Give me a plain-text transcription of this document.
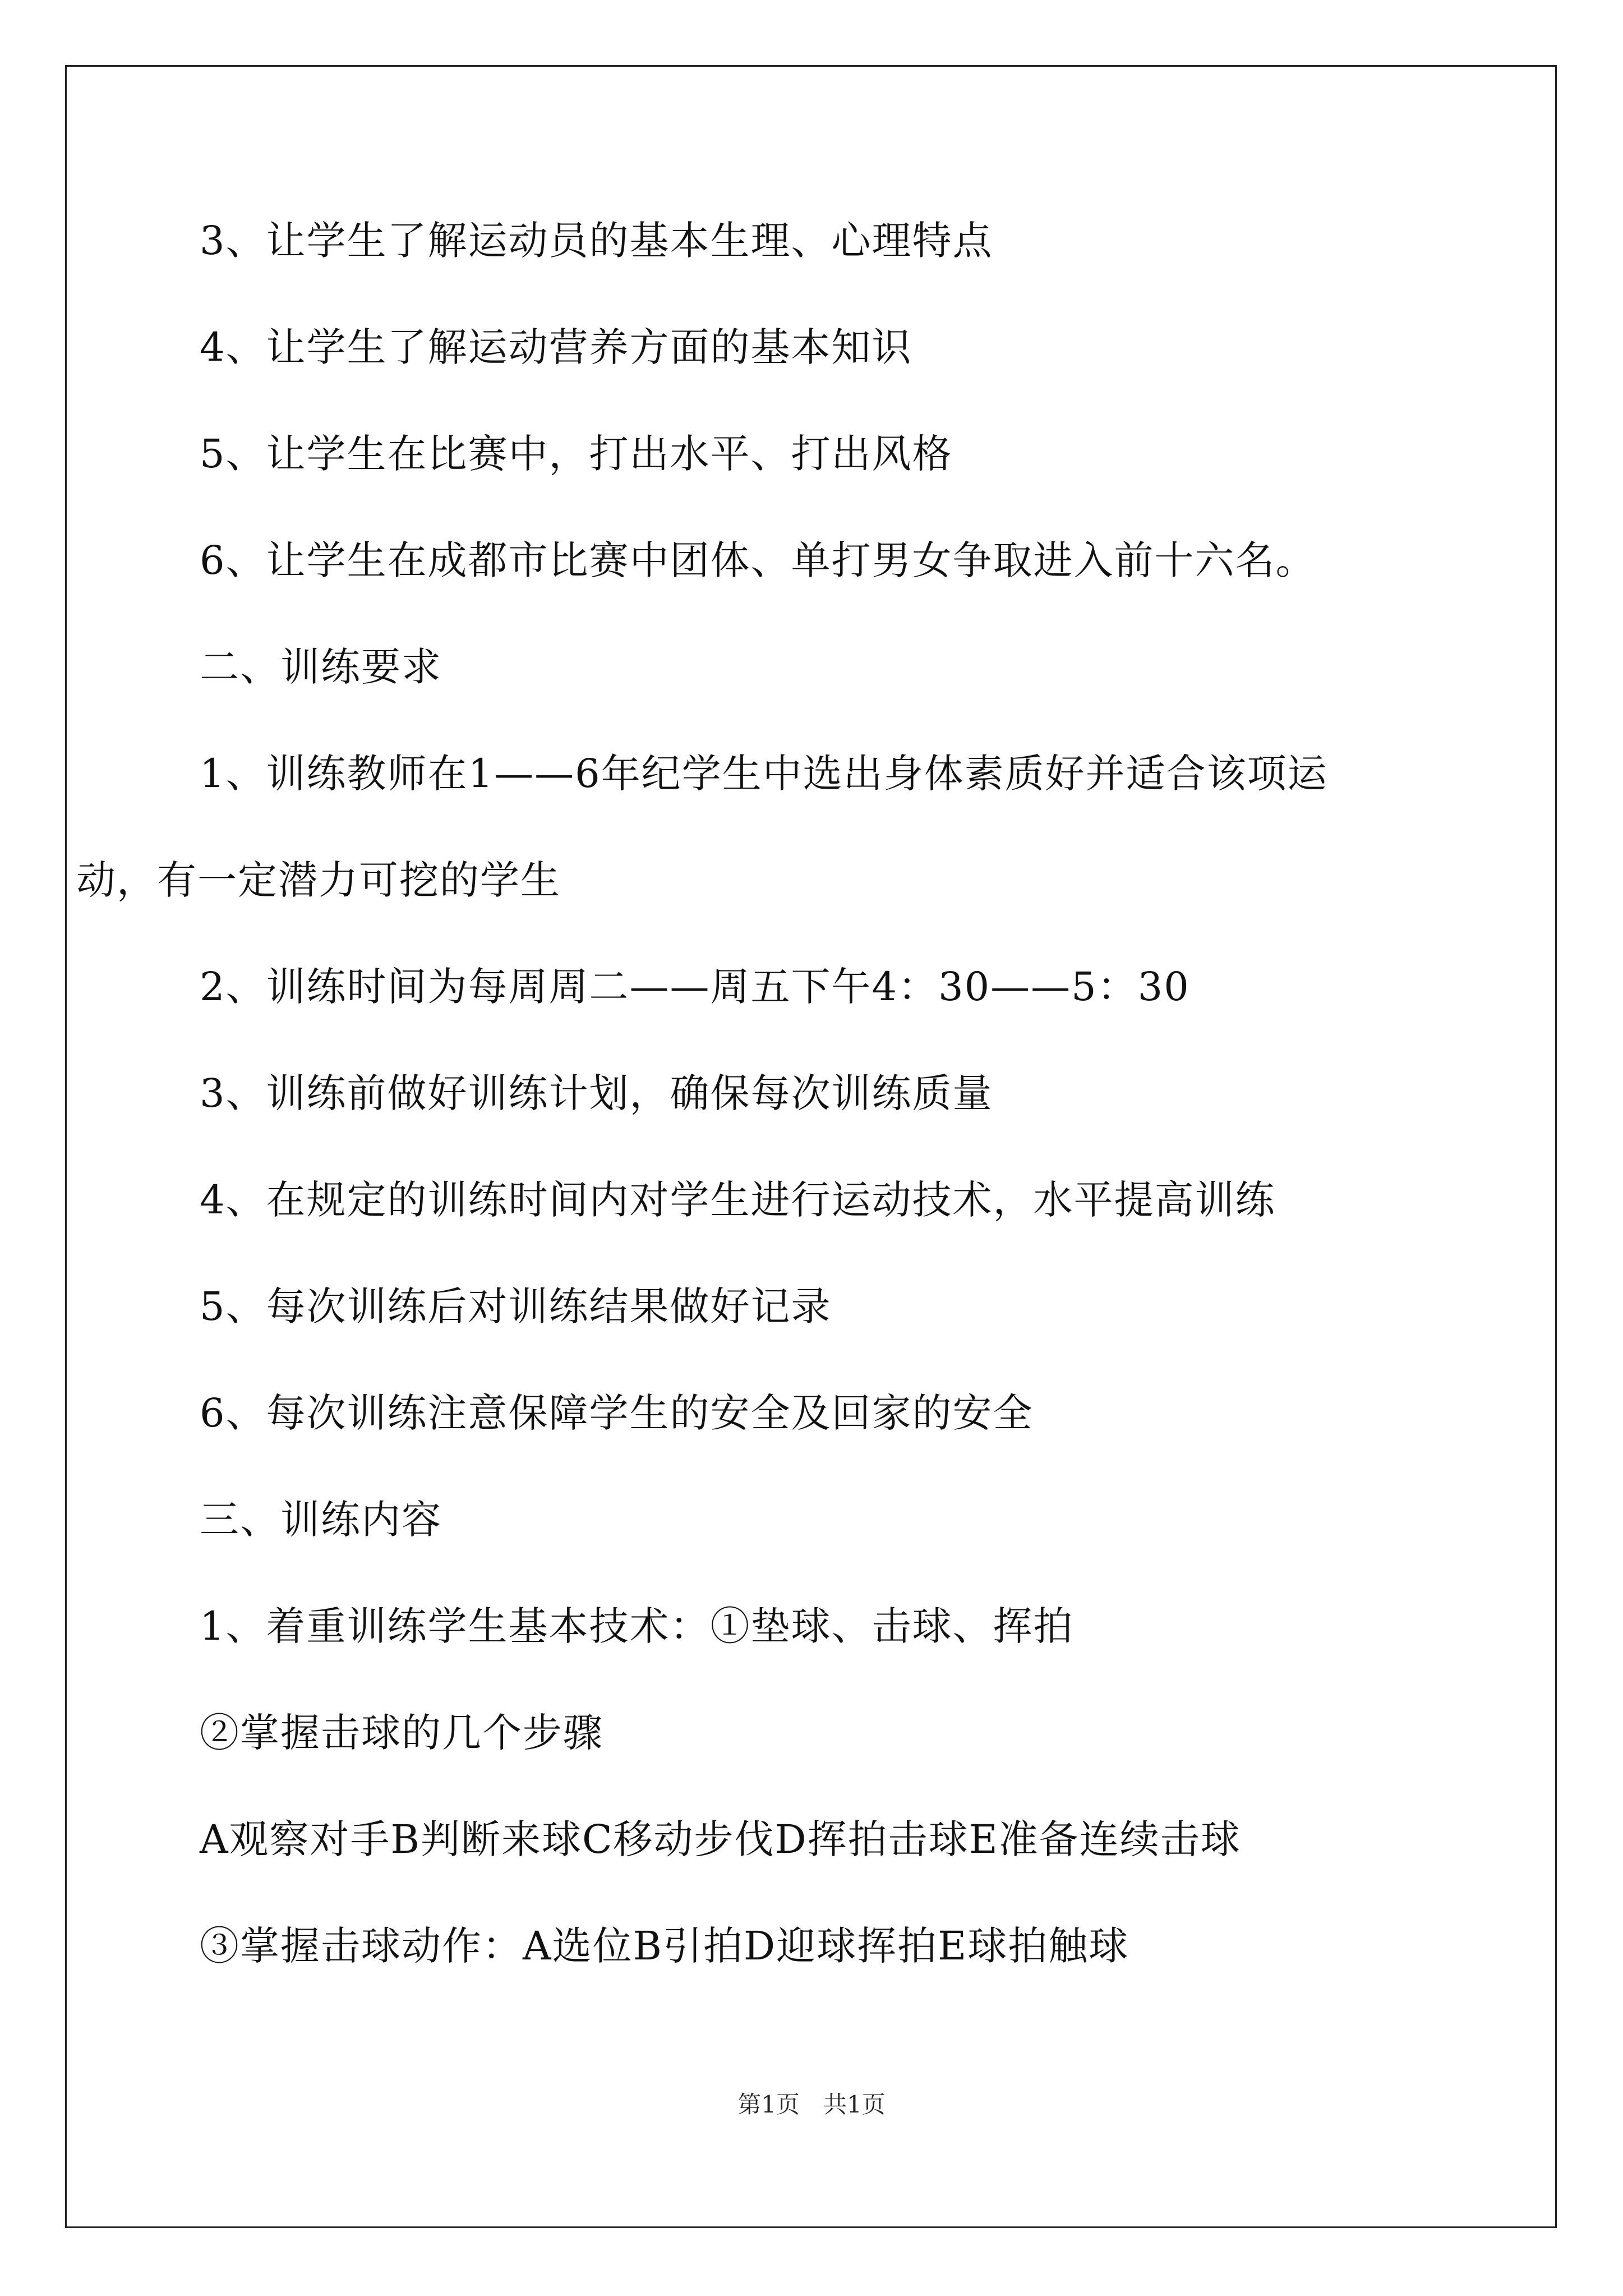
3、让学生了解运动员的基本生理、心理特点
4、让学生了解运动营养方面的基本知识
5、让学生在比赛中，打出水平、打出风格
6、让学生在成都市比赛中团体、单打男女争取进入前十六名。
二、训练要求
1、训练教师在1——6年纪学生中选出身体素质好并适合该项运
动，有一定潜力可挖的学生
2、训练时间为每周周二——周五下午4：30——5：30
3、训练前做好训练计划，确保每次训练质量
4、在规定的训练时间内对学生进行运动技术，水平提高训练
5、每次训练后对训练结果做好记录
6、每次训练注意保障学生的安全及回家的安全
三、训练内容
1、着重训练学生基本技术：①垫球、击球、挥拍
②掌握击球的几个步骤
A观察对手B判断来球C移动步伐D挥拍击球E准备连续击球
③掌握击球动作：A选位B引拍D迎球挥拍E球拍触球
第1页　共1页
